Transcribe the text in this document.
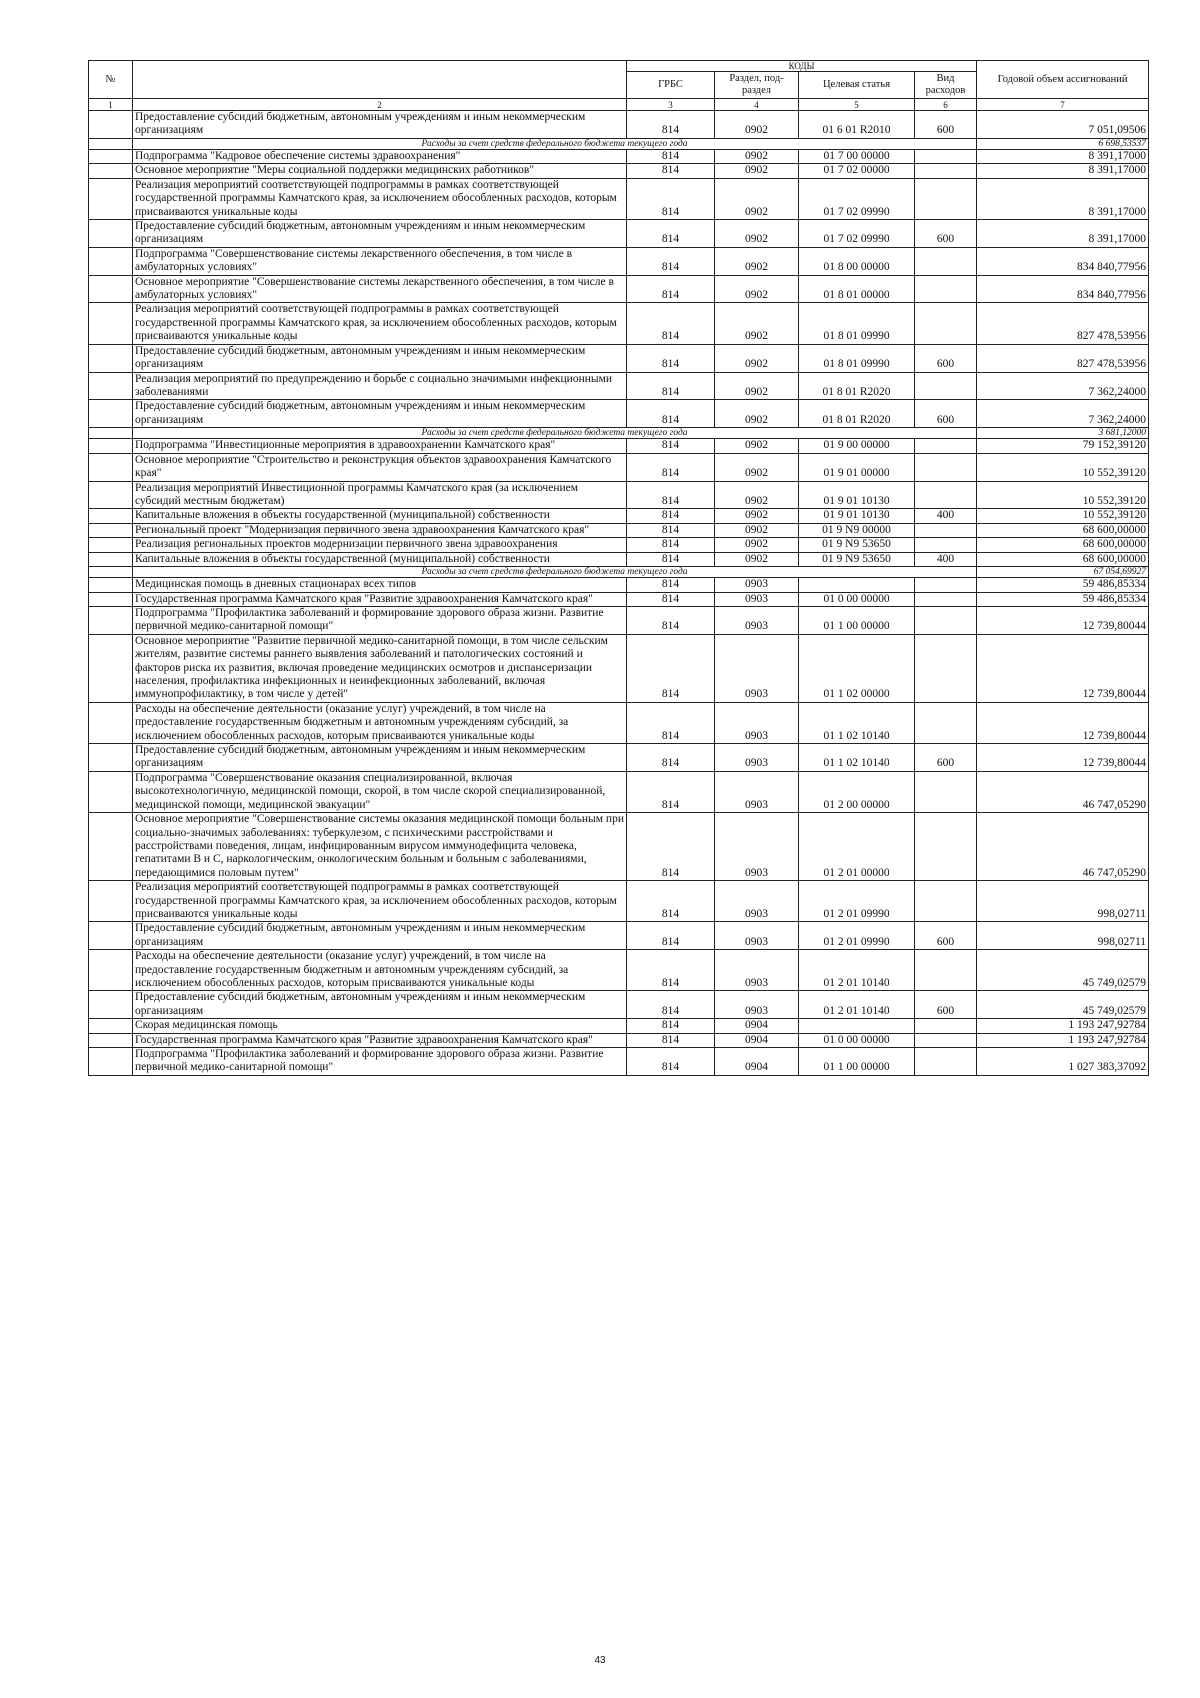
№		КОДЫ				Годовой объем ассигнований
		ГРБС	Раздел, под-раздел	Целевая статья	Вид расходов	
1	2	3	4	5	6	7
	Предоставление субсидий бюджетным, автономным учреждениям и иным некоммерческим организациям	814	0902	01 6 01 R2010	600	7 051,09506
	Расходы за счет средств федерального бюджета текущего года					6 698,53537
	Подпрограмма "Кадровое обеспечение системы здравоохранения"	814	0902	01 7 00 00000		8 391,17000
	Основное мероприятие "Меры социальной поддержки медицинских работников"	814	0902	01 7 02 00000		8 391,17000
	Реализация мероприятий соответствующей подпрограммы в рамках соответствующей государственной программы Камчатского края, за исключением обособленных расходов, которым присваиваются уникальные коды	814	0902	01 7 02 09990		8 391,17000
	Предоставление субсидий бюджетным, автономным учреждениям и иным некоммерческим организациям	814	0902	01 7 02 09990	600	8 391,17000
	Подпрограмма "Совершенствование системы лекарственного обеспечения, в том числе в амбулаторных условиях"	814	0902	01 8 00 00000		834 840,77956
	Основное мероприятие "Совершенствование системы лекарственного обеспечения, в том числе в амбулаторных условиях"	814	0902	01 8 01 00000		834 840,77956
	Реализация мероприятий соответствующей подпрограммы в рамках соответствующей государственной программы Камчатского края, за исключением обособленных расходов, которым присваиваются уникальные коды	814	0902	01 8 01 09990		827 478,53956
	Предоставление субсидий бюджетным, автономным учреждениям и иным некоммерческим организациям	814	0902	01 8 01 09990	600	827 478,53956
	Реализация мероприятий по предупреждению и борьбе с социально значимыми инфекционными заболеваниями	814	0902	01 8 01 R2020		7 362,24000
	Предоставление субсидий бюджетным, автономным учреждениям и иным некоммерческим организациям	814	0902	01 8 01 R2020	600	7 362,24000
	Расходы за счет средств федерального бюджета текущего года					3 681,12000
	Подпрограмма "Инвестиционные мероприятия в здравоохранении Камчатского края"	814	0902	01 9 00 00000		79 152,39120
	Основное мероприятие "Строительство и реконструкция объектов здравоохранения Камчатского края"	814	0902	01 9 01 00000		10 552,39120
	Реализация мероприятий Инвестиционной программы Камчатского края (за исключением субсидий местным бюджетам)	814	0902	01 9 01 10130		10 552,39120
	Капитальные вложения в объекты государственной (муниципальной) собственности	814	0902	01 9 01 10130	400	10 552,39120
	Региональный проект "Модернизация первичного звена здравоохранения Камчатского края"	814	0902	01 9 N9 00000		68 600,00000
	Реализация региональных проектов модернизации первичного звена здравоохранения	814	0902	01 9 N9 53650		68 600,00000
	Капитальные вложения в объекты государственной (муниципальной) собственности	814	0902	01 9 N9 53650	400	68 600,00000
	Расходы за счет средств федерального бюджета текущего года					67 054,69927
	Медицинская помощь в дневных стационарах всех типов	814	0903			59 486,85334
	Государственная программа Камчатского края "Развитие здравоохранения Камчатского края"	814	0903	01 0 00 00000		59 486,85334
	Подпрограмма "Профилактика заболеваний и формирование здорового образа жизни. Развитие первичной медико-санитарной помощи"	814	0903	01 1 00 00000		12 739,80044
	Основное мероприятие "Развитие первичной медико-санитарной помощи, в том числе сельским жителям, развитие системы раннего выявления заболеваний и патологических состояний и факторов риска их развития, включая проведение медицинских осмотров и диспансеризации населения, профилактика инфекционных и неинфекционных заболеваний, включая иммунопрофилактику, в том числе у детей"	814	0903	01 1 02 00000		12 739,80044
	Расходы на обеспечение деятельности (оказание услуг) учреждений, в том числе на предоставление государственным бюджетным и автономным учреждениям субсидий, за исключением обособленных расходов, которым присваиваются уникальные коды	814	0903	01 1 02 10140		12 739,80044
	Предоставление субсидий бюджетным, автономным учреждениям и иным некоммерческим организациям	814	0903	01 1 02 10140	600	12 739,80044
	Подпрограмма "Совершенствование оказания специализированной, включая высокотехнологичную, медицинской помощи, скорой, в том числе скорой специализированной, медицинской помощи, медицинской эвакуации"	814	0903	01 2 00 00000		46 747,05290
	Основное мероприятие "Совершенствование системы оказания медицинской помощи больным при социально-значимых заболеваниях: туберкулезом, с психическими расстройствами и расстройствами поведения, лицам, инфицированным вирусом иммунодефицита человека, гепатитами B и C, наркологическим, онкологическим больным и больным с заболеваниями, передающимися половым путем"	814	0903	01 2 01 00000		46 747,05290
	Реализация мероприятий соответствующей подпрограммы в рамках соответствующей государственной программы Камчатского края, за исключением обособленных расходов, которым присваиваются уникальные коды	814	0903	01 2 01 09990		998,02711
	Предоставление субсидий бюджетным, автономным учреждениям и иным некоммерческим организациям	814	0903	01 2 01 09990	600	998,02711
	Расходы на обеспечение деятельности (оказание услуг) учреждений, в том числе на предоставление государственным бюджетным и автономным учреждениям субсидий, за исключением обособленных расходов, которым присваиваются уникальные коды	814	0903	01 2 01 10140		45 749,02579
	Предоставление субсидий бюджетным, автономным учреждениям и иным некоммерческим организациям	814	0903	01 2 01 10140	600	45 749,02579
	Скорая медицинская помощь	814	0904			1 193 247,92784
	Государственная программа Камчатского края "Развитие здравоохранения Камчатского края"	814	0904	01 0 00 00000		1 193 247,92784
	Подпрограмма "Профилактика заболеваний и формирование здорового образа жизни. Развитие первичной медико-санитарной помощи"	814	0904	01 1 00 00000		1 027 383,37092
43
